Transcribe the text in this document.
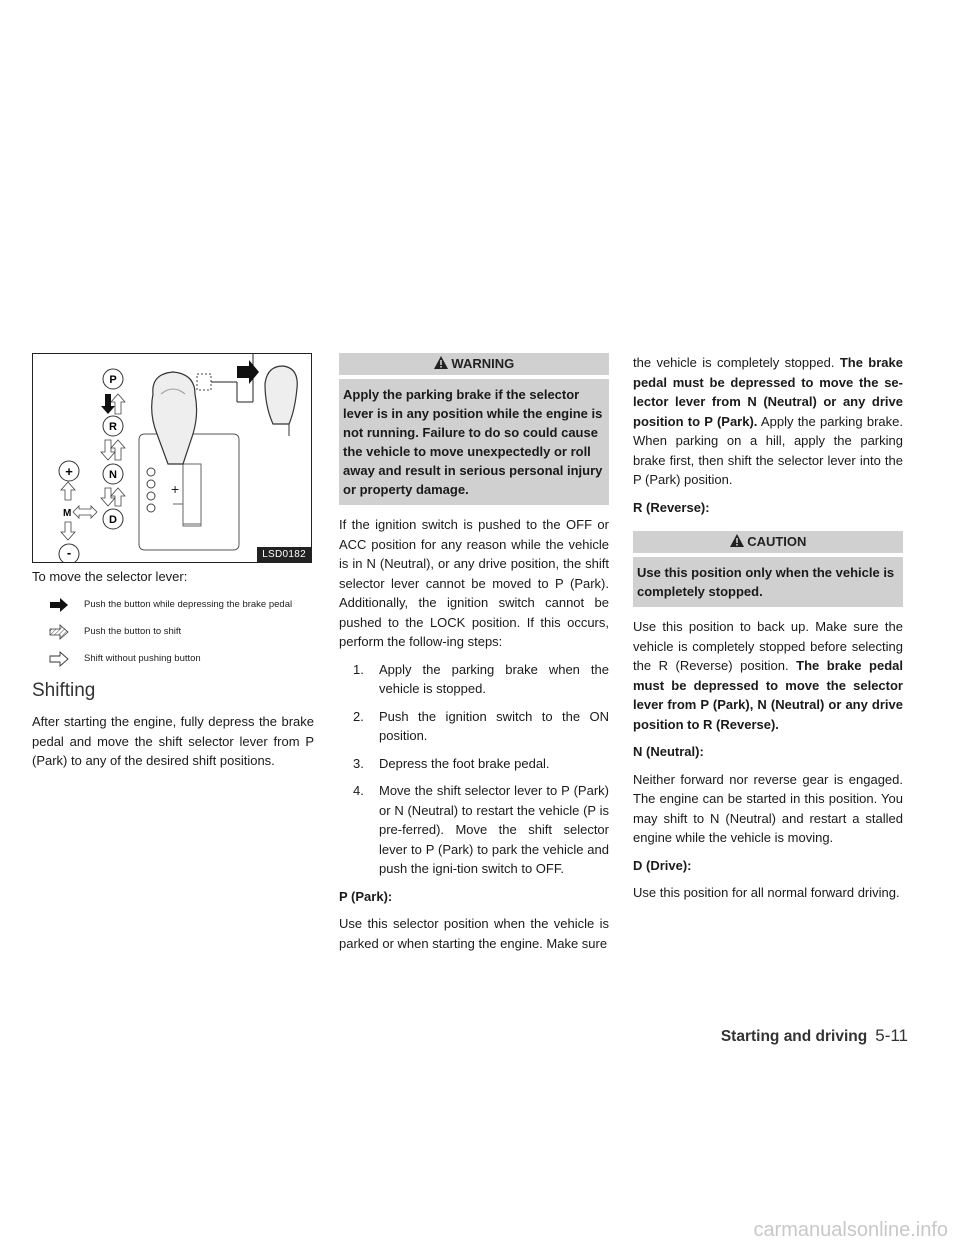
+
P
R
N
D
M
+
-	LSD0182
To move the selector lever:
Push the button while depressing the brake pedal
Push the button to shift
Shift without pushing button
Shifting

After starting the engine, fully depress the brake pedal and move the shift selector lever from P (Park) to any of the desired shift positions.

WARNING
Apply the parking brake if the selector lever is in any position while the engine is not running. Failure to do so could cause the vehicle to move unexpectedly or roll away and result in serious personal injury or property damage.

If the ignition switch is pushed to the OFF or ACC position for any reason while the vehicle is in N (Neutral), or any drive position, the shift selector lever cannot be moved to P (Park). Additionally, the ignition switch cannot be pushed to the LOCK position. If this occurs, perform the follow-ing steps:

1. Apply the parking brake when the vehicle is stopped.
2. Push the ignition switch to the ON position.
3. Depress the foot brake pedal.
4. Move the shift selector lever to P (Park) or N (Neutral) to restart the vehicle (P is pre-ferred). Move the shift selector lever to P (Park) to park the vehicle and push the igni-tion switch to OFF.
P (Park):

Use this selector position when the vehicle is parked or when starting the engine. Make sure

the vehicle is completely stopped. The brake pedal must be depressed to move the se-lector lever from N (Neutral) or any drive position to P (Park). Apply the parking brake. When parking on a hill, apply the parking brake first, then shift the selector lever into the P (Park) position.

R (Reverse):
CAUTION
Use this position only when the vehicle is completely stopped.

Use this position to back up. Make sure the vehicle is completely stopped before selecting the R (Reverse) position. The brake pedal must be depressed to move the selector lever from P (Park), N (Neutral) or any drive position to R (Reverse).

N (Neutral):

Neither forward nor reverse gear is engaged. The engine can be started in this position. You may shift to N (Neutral) and restart a stalled engine while the vehicle is moving.

D (Drive):

Use this position for all normal forward driving.

Starting and driving 5-11
carmanualsonline.info
